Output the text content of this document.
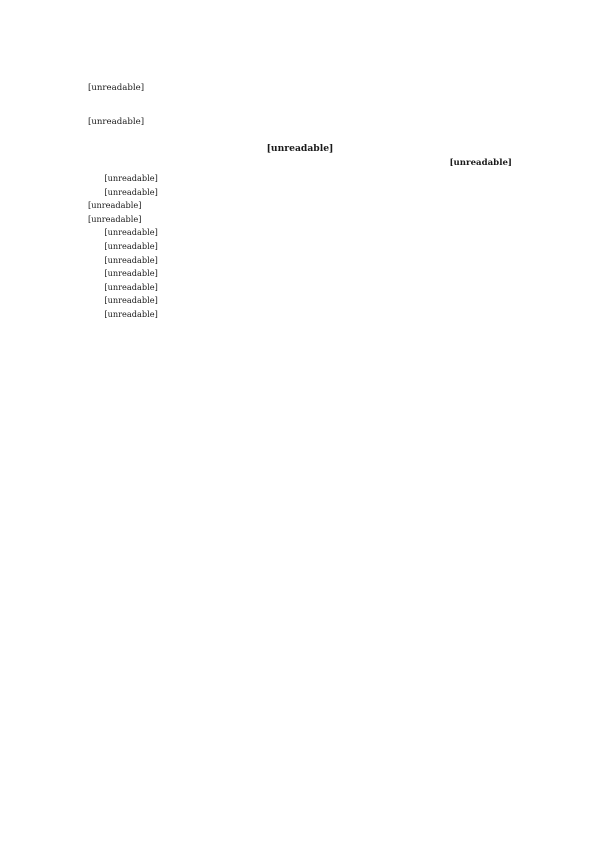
[unreadable]

[unreadable]

[unreadable]

[unreadable]

[unreadable]

[unreadable]

[unreadable]

[unreadable]

[unreadable]

[unreadable]

[unreadable]

[unreadable]

[unreadable]

[unreadable]

[unreadable]
